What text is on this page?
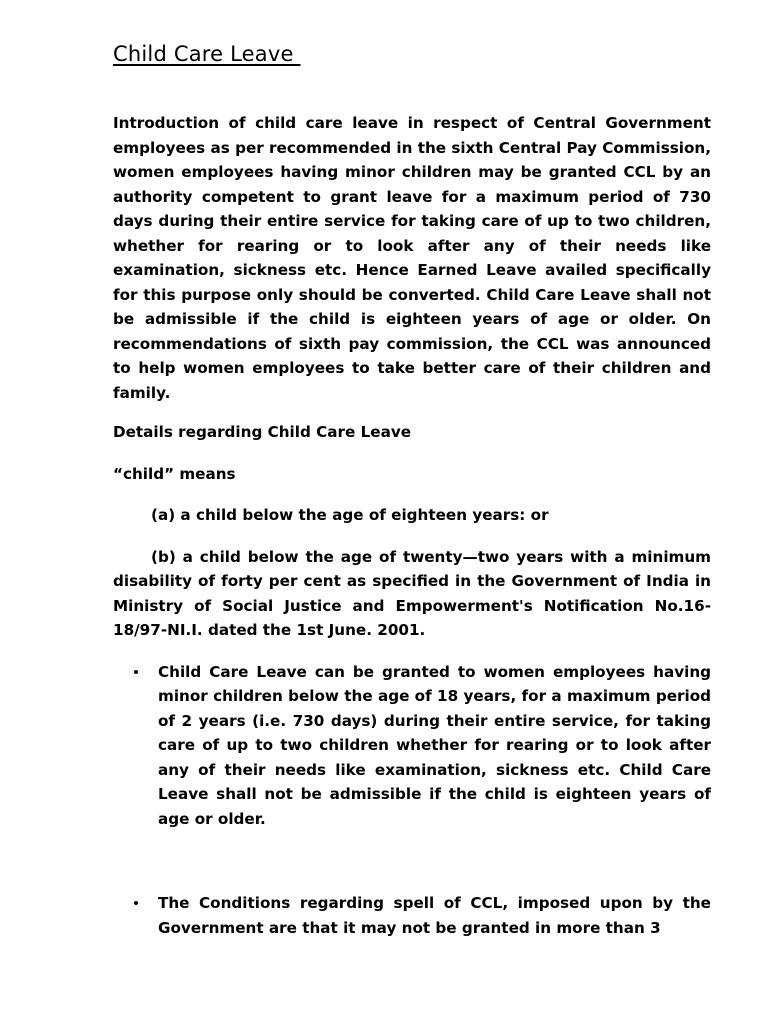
Child Care Leave

Introduction of child care leave in respect of Central Government employees as per recommended in the sixth Central Pay Commission, women employees having minor children may be granted CCL by an authority competent to grant leave for a maximum period of 730 days during their entire service for taking care of up to two children, whether for rearing or to look after any of their needs like examination, sickness etc. Hence Earned Leave availed specifically for this purpose only should be converted. Child Care Leave shall not be admissible if the child is eighteen years of age or older. On recommendations of sixth pay commission, the CCL was announced to help women employees to take better care of their children and family.

Details regarding Child Care Leave

“child” means

(a) a child below the age of eighteen years: or

(b) a child below the age of twenty—two years with a minimum disability of forty per cent as specified in the Government of India in Ministry of Social Justice and Empowerment's Notification No.16-18/97-NI.I. dated the 1st June. 2001.

Child Care Leave can be granted to women employees having minor children below the age of 18 years, for a maximum period of 2 years (i.e. 730 days) during their entire service, for taking care of up to two children whether for rearing or to look after any of their needs like examination, sickness etc. Child Care Leave shall not be admissible if the child is eighteen years of age or older.

The Conditions regarding spell of CCL, imposed upon by the Government are that it may not be granted in more than 3
